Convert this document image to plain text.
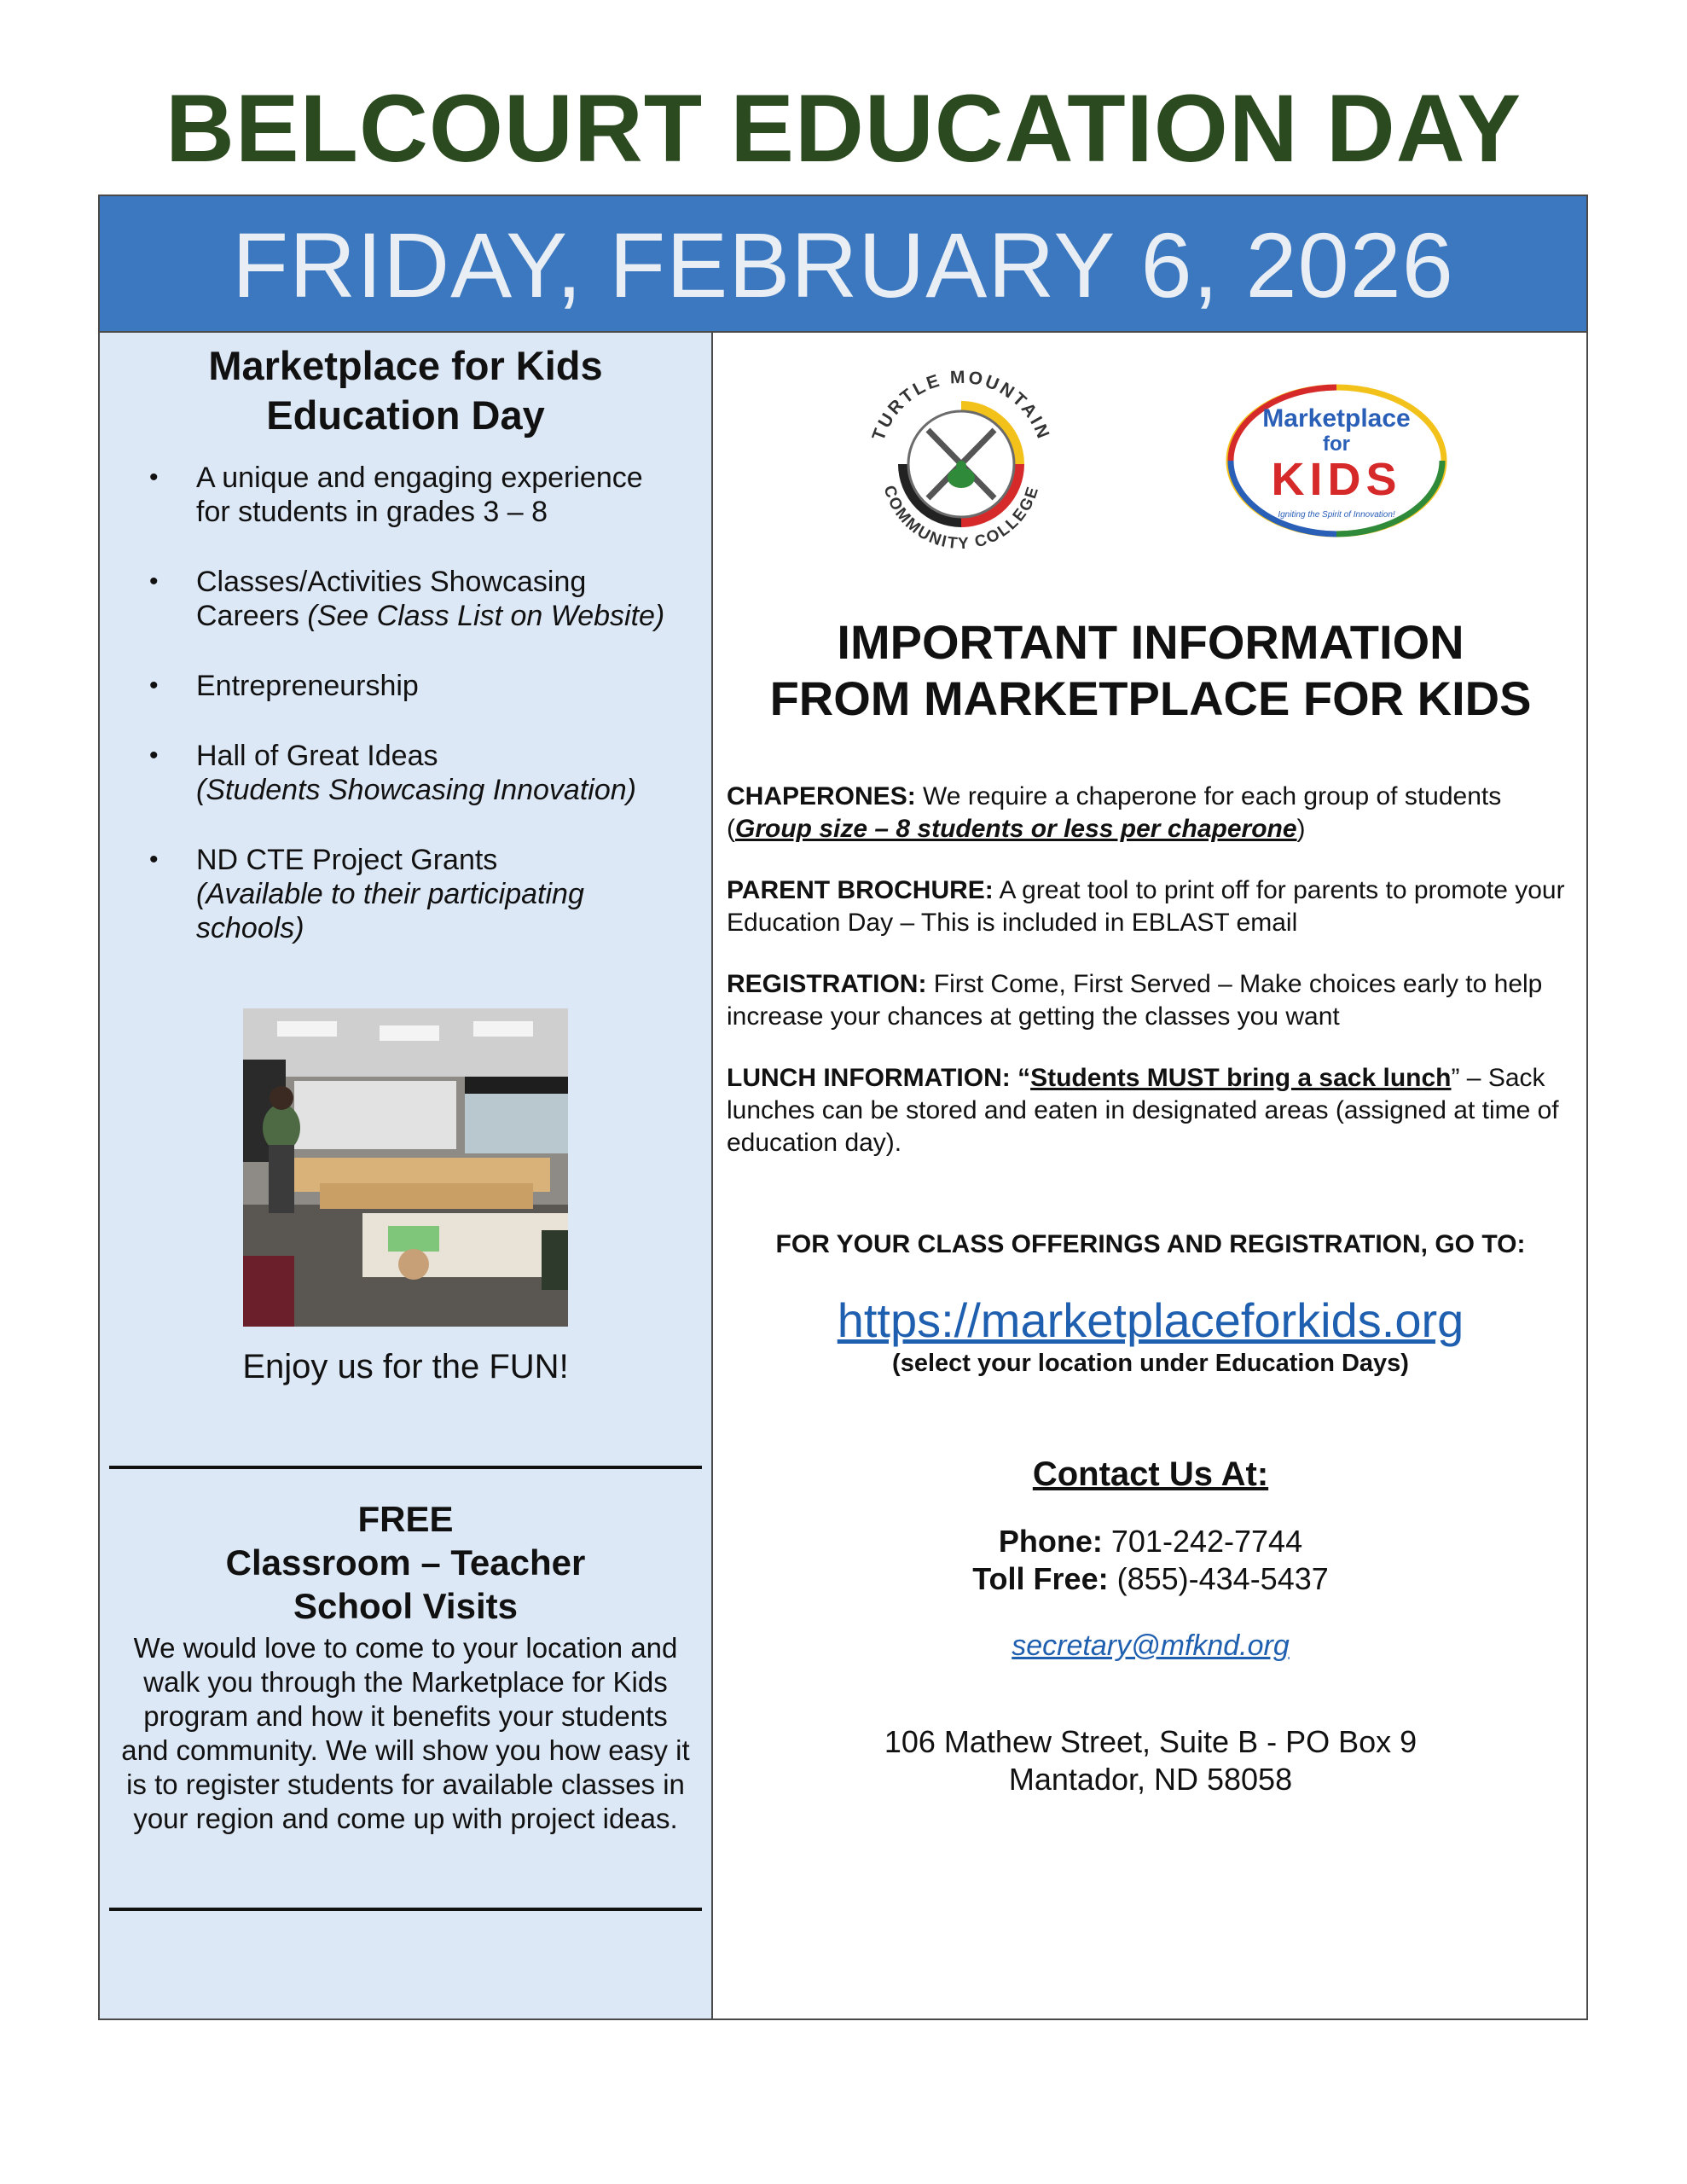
BELCOURT EDUCATION DAY
FRIDAY, FEBRUARY 6, 2026
Marketplace for Kids
Education Day
• A unique and engaging experience
for students in grades 3 – 8
• Classes/Activities Showcasing
Careers (See Class List on Website)
• Entrepreneurship
• Hall of Great Ideas
(Students Showcasing Innovation)
• ND CTE Project Grants
(Available to their participating
schools)
Enjoy us for the FUN!
FREE
Classroom – Teacher
School Visits
We would love to come to your location and walk you through the Marketplace for Kids program and how it benefits your students and community. We will show you how easy it is to register students for available classes in your region and come up with project ideas.
TURTLE MOUNTAIN
COMMUNITY COLLEGE
Marketplace
for
KIDS
Igniting the Spirit of Innovation!
IMPORTANT INFORMATION
FROM MARKETPLACE FOR KIDS

CHAPERONES: We require a chaperone for each group of students (Group size – 8 students or less per chaperone)

PARENT BROCHURE: A great tool to print off for parents to promote your Education Day – This is included in EBLAST email

REGISTRATION: First Come, First Served – Make choices early to help increase your chances at getting the classes you want

LUNCH INFORMATION: “Students MUST bring a sack lunch” – Sack lunches can be stored and eaten in designated areas (assigned at time of education day).

FOR YOUR CLASS OFFERINGS AND REGISTRATION, GO TO:
https://marketplaceforkids.org
(select your location under Education Days)
Contact Us At:
Phone: 701-242-7744
Toll Free: (855)-434-5437
secretary@mfknd.org
106 Mathew Street, Suite B - PO Box 9
Mantador, ND 58058
